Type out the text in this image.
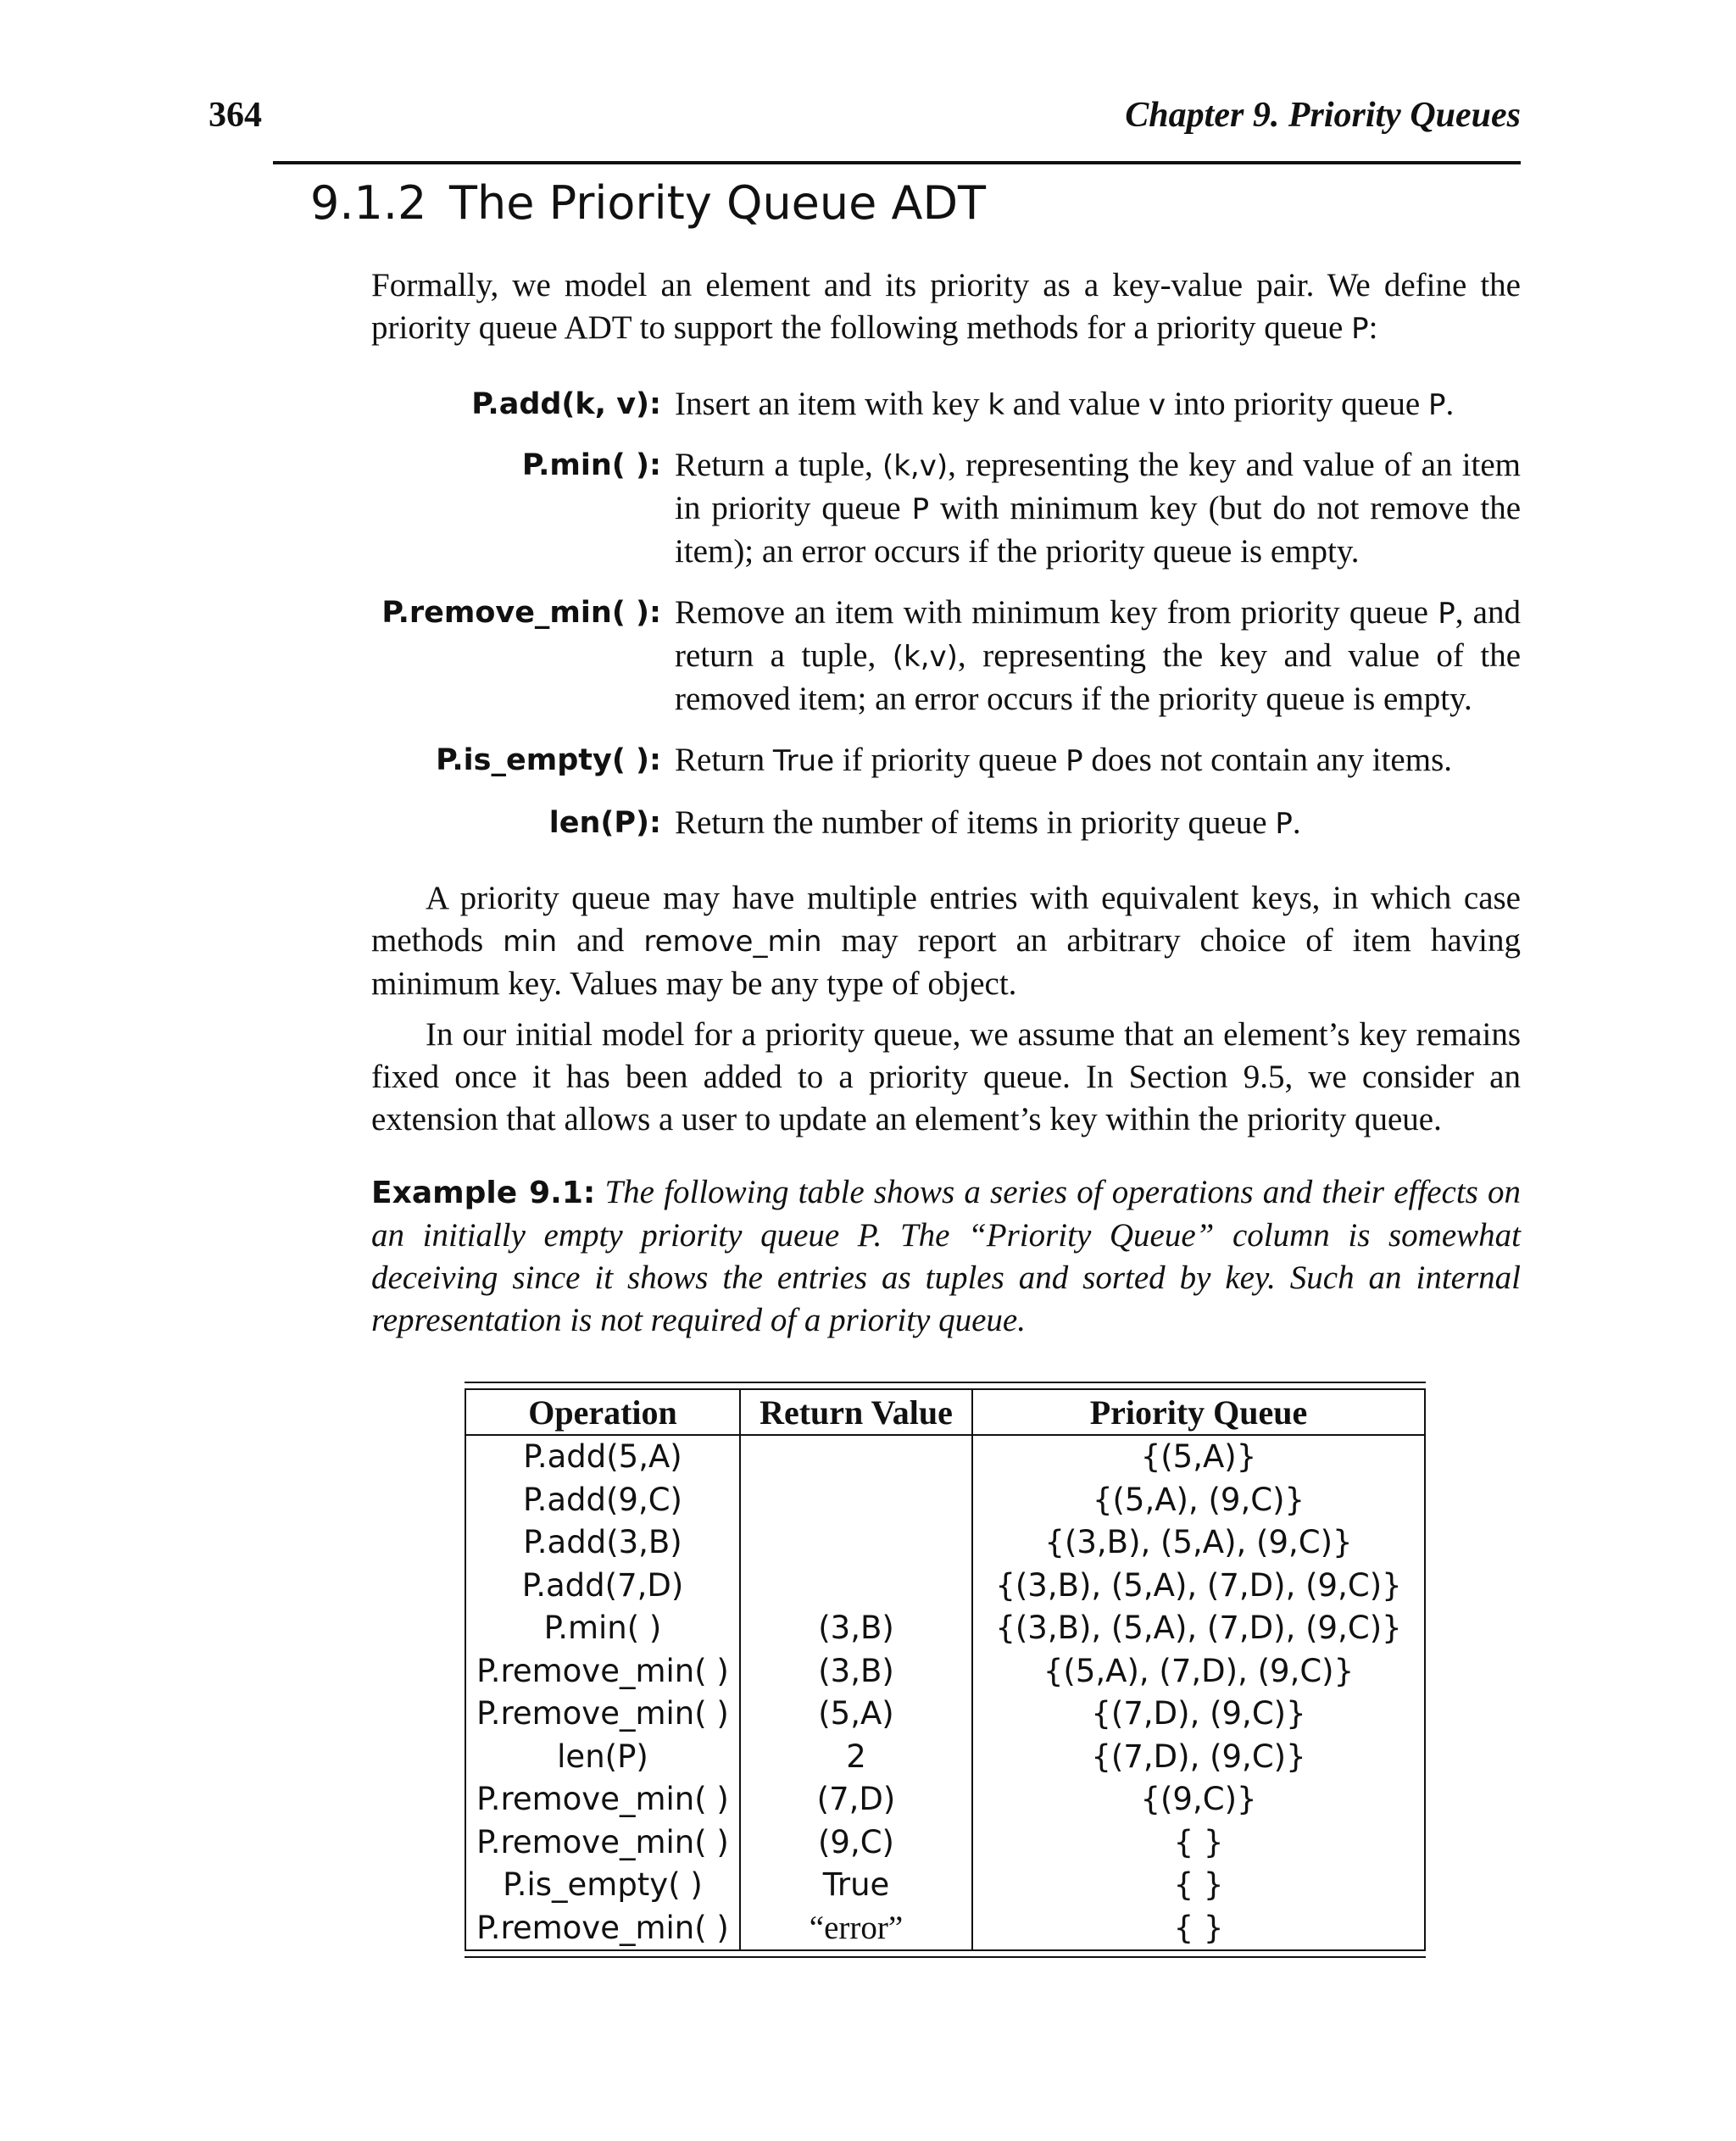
364	Chapter 9. Priority Queues
9.1.2 The Priority Queue ADT

Formally, we model an element and its priority as a key-value pair. We define the priority queue ADT to support the following methods for a priority queue P:

P.add(k, v): Insert an item with key k and value v into priority queue P.
P.min( ): Return a tuple, (k,v), representing the key and value of an item in priority queue P with minimum key (but do not remove the item); an error occurs if the priority queue is empty.
P.remove_min( ): Remove an item with minimum key from priority queue P, and return a tuple, (k,v), representing the key and value of the removed item; an error occurs if the priority queue is empty.
P.is_empty( ): Return True if priority queue P does not contain any items.
len(P): Return the number of items in priority queue P.

A priority queue may have multiple entries with equivalent keys, in which case methods min and remove_min may report an arbitrary choice of item having minimum key. Values may be any type of object.

In our initial model for a priority queue, we assume that an element’s key remains fixed once it has been added to a priority queue. In Section 9.5, we consider an extension that allows a user to update an element’s key within the priority queue.

Example 9.1: The following table shows a series of operations and their effects on an initially empty priority queue P. The “Priority Queue” column is somewhat deceiving since it shows the entries as tuples and sorted by key. Such an internal representation is not required of a priority queue.

Operation	Return Value	Priority Queue
P.add(5,A)		{(5,A)}
P.add(9,C)		{(5,A), (9,C)}
P.add(3,B)		{(3,B), (5,A), (9,C)}
P.add(7,D)		{(3,B), (5,A), (7,D), (9,C)}
P.min( )	(3,B)	{(3,B), (5,A), (7,D), (9,C)}
P.remove_min( )	(3,B)	{(5,A), (7,D), (9,C)}
P.remove_min( )	(5,A)	{(7,D), (9,C)}
len(P)	2	{(7,D), (9,C)}
P.remove_min( )	(7,D)	{(9,C)}
P.remove_min( )	(9,C)	{ }
P.is_empty( )	True	{ }
P.remove_min( )	“error”	{ }
